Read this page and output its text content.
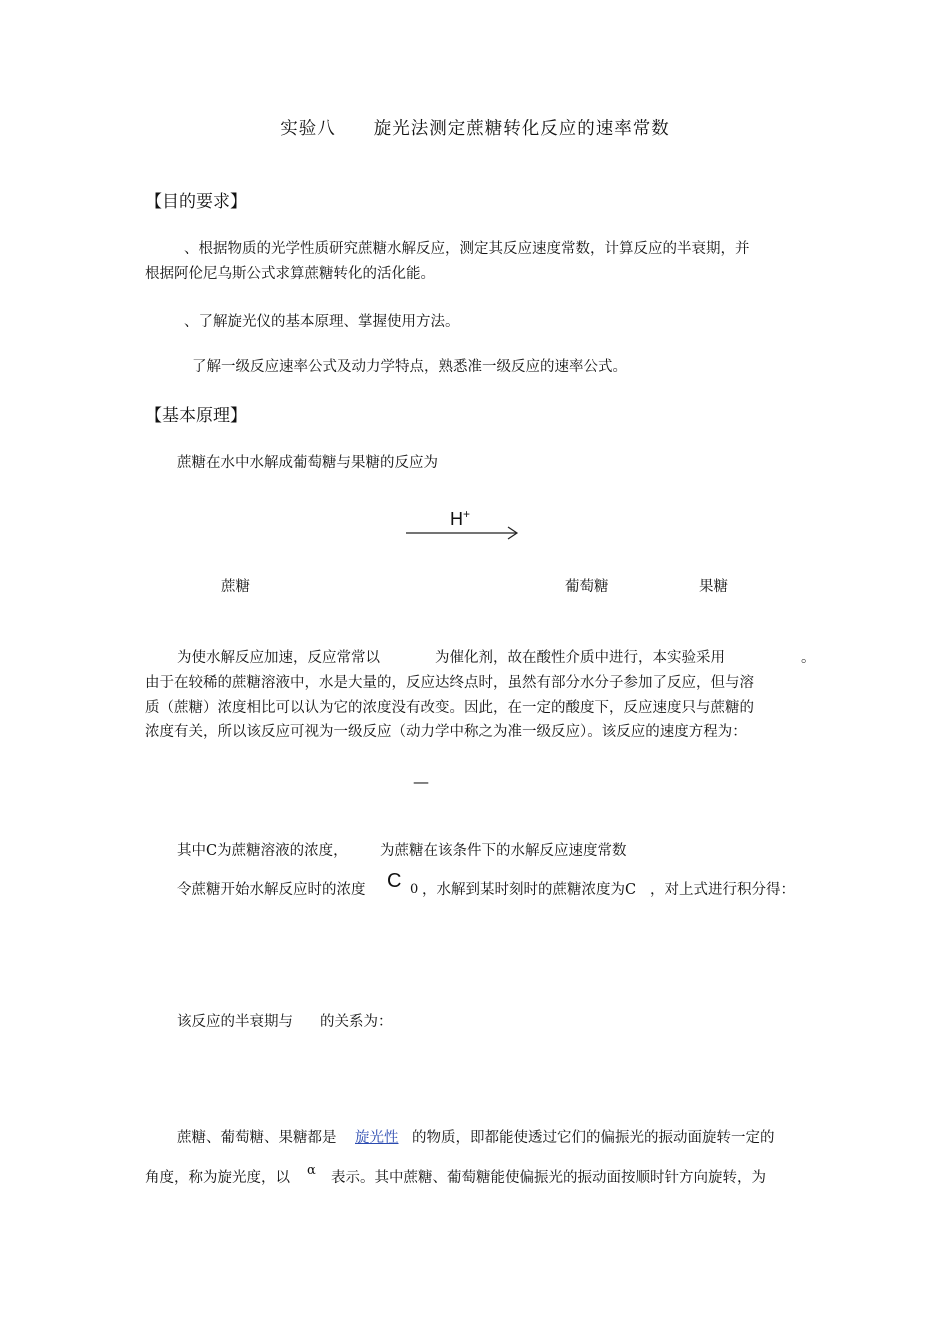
实验八 旋光法测定蔗糖转化反应的速率常数
【目的要求】
、根据物质的光学性质研究蔗糖水解反应，测定其反应速度常数，计算反应的半衰期，并
根据阿伦尼乌斯公式求算蔗糖转化的活化能。
、了解旋光仪的基本原理、掌握使用方法。
了解一级反应速率公式及动力学特点，熟悉准一级反应的速率公式。
【基本原理】
蔗糖在水中水解成葡萄糖与果糖的反应为
H+
蔗糖	葡萄糖	果糖
为使水解反应加速，反应常常以	为催化剂，故在酸性介质中进行，本实验采用	。
由于在较稀的蔗糖溶液中，水是大量的，反应达终点时，虽然有部分水分子参加了反应，但与溶
质（蔗糖）浓度相比可以认为它的浓度没有改变。因此，在一定的酸度下，反应速度只与蔗糖的
浓度有关，所以该反应可视为一级反应（动力学中称之为准一级反应）。该反应的速度方程为：
—
其中C为蔗糖溶液的浓度， 为蔗糖在该条件下的水解反应速度常数
令蔗糖开始水解反应时的浓度 C 0 ，水解到某时刻时的蔗糖浓度为C ，对上式进行积分得：
该反应的半衰期与 的关系为：
蔗糖、葡萄糖、果糖都是 旋光性 的物质，即都能使透过它们的偏振光的振动面旋转一定的
角度，称为旋光度，以 α 表示。其中蔗糖、葡萄糖能使偏振光的振动面按顺时针方向旋转，为
